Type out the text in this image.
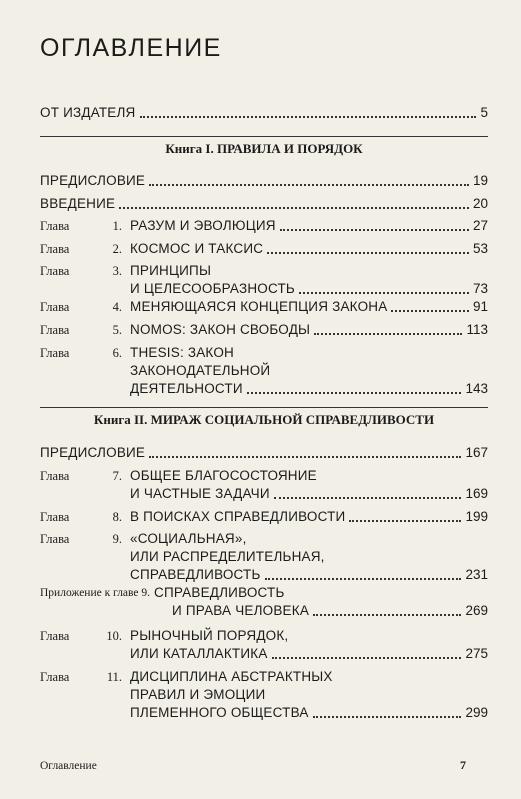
ОГЛАВЛЕНИЕ
ОТ ИЗДАТЕЛЯ	5
Книга I. ПРАВИЛА И ПОРЯДОК
ПРЕДИСЛОВИЕ	19
ВВЕДЕНИЕ	20
Глава	1. РАЗУМ И ЭВОЛЮЦИЯ	27
Глава	2. КОСМОС И ТАКСИС	53
Глава	3. ПРИНЦИПЫ
И ЦЕЛЕСООБРАЗНОСТЬ	73
Глава	4. МЕНЯЮЩАЯСЯ КОНЦЕПЦИЯ ЗАКОНА	91
Глава	5. NOMOS: ЗАКОН СВОБОДЫ	113
Глава	6. THESIS: ЗАКОН
ЗАКОНОДАТЕЛЬНОЙ
ДЕЯТЕЛЬНОСТИ	143
Книга II. МИРАЖ СОЦИАЛЬНОЙ СПРАВЕДЛИВОСТИ
ПРЕДИСЛОВИЕ	167
Глава	7. ОБЩЕЕ БЛАГОСОСТОЯНИЕ
И ЧАСТНЫЕ ЗАДАЧИ	169
Глава	8. В ПОИСКАХ СПРАВЕДЛИВОСТИ	199
Глава	9. «СОЦИАЛЬНАЯ»,
ИЛИ РАСПРЕДЕЛИТЕЛЬНАЯ,
СПРАВЕДЛИВОСТЬ	231
Приложение к главе 9. СПРАВЕДЛИВОСТЬ
И ПРАВА ЧЕЛОВЕКА	269
Глава	10. РЫНОЧНЫЙ ПОРЯДОК,
ИЛИ КАТАЛЛАКТИКА	275
Глава	11. ДИСЦИПЛИНА АБСТРАКТНЫХ
ПРАВИЛ И ЭМОЦИИ
ПЛЕМЕННОГО ОБЩЕСТВА	299
Оглавление	7
